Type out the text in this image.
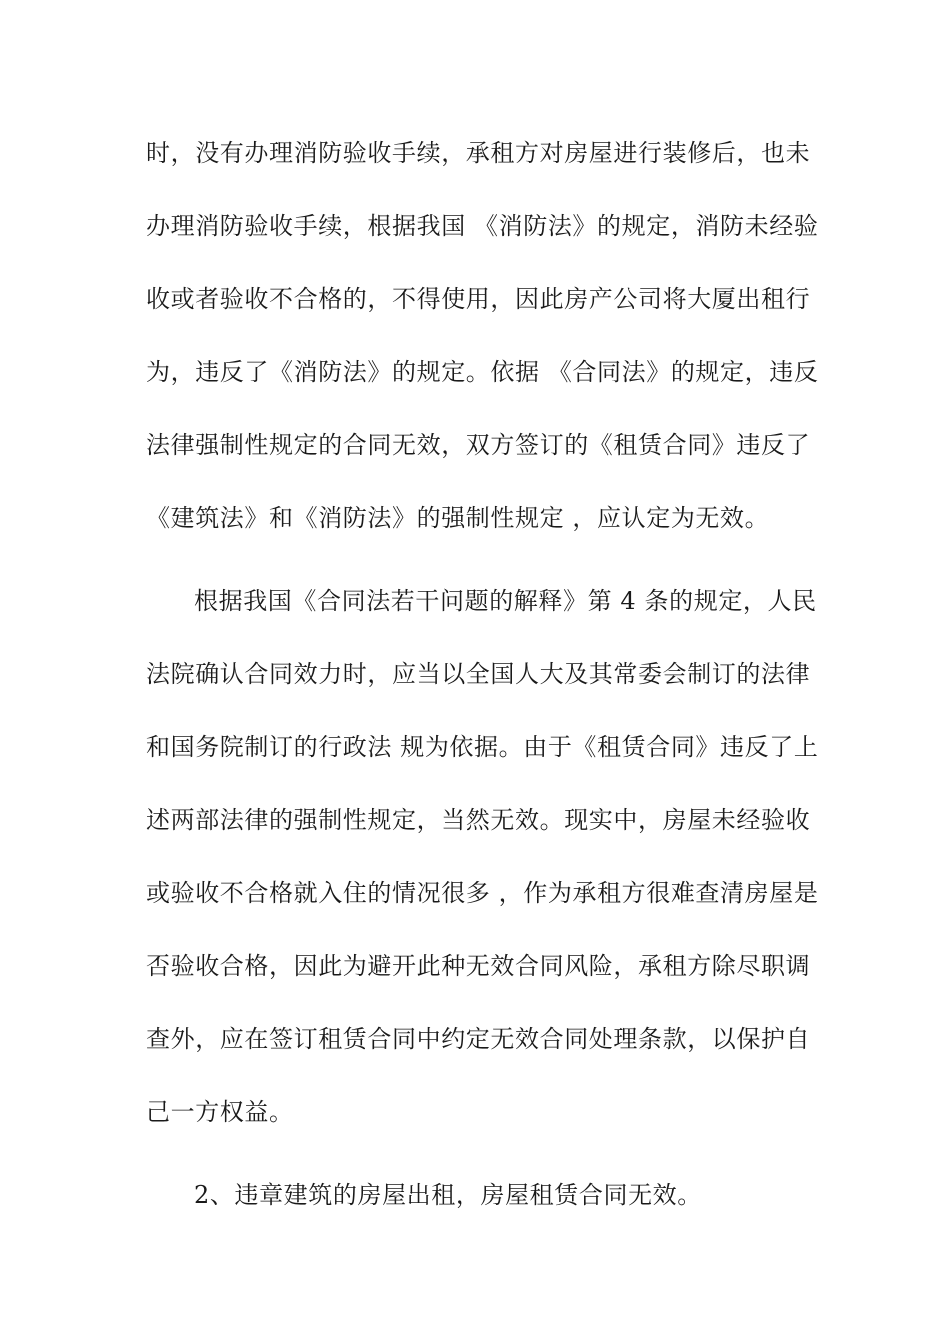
时，没有办理消防验收手续，承租方对房屋进行装修后，也未
办理消防验收手续，根据我国 《消防法》的规定，消防未经验
收或者验收不合格的，不得使用，因此房产公司将大厦出租行
为，违反了《消防法》的规定。依据 《合同法》的规定，违反
法律强制性规定的合同无效，双方签订的《租赁合同》违反了
《建筑法》和《消防法》的强制性规定 ，应认定为无效。
根据我国《合同法若干问题的解释》第 4 条的规定，人民
法院确认合同效力时，应当以全国人大及其常委会制订的法律
和国务院制订的行政法 规为依据。由于《租赁合同》违反了上
述两部法律的强制性规定，当然无效。现实中，房屋未经验收
或验收不合格就入住的情况很多 ，作为承租方很难查清房屋是
否验收合格，因此为避开此种无效合同风险，承租方除尽职调
查外，应在签订租赁合同中约定无效合同处理条款，以保护自
己一方权益。
2、违章建筑的房屋出租，房屋租赁合同无效。
